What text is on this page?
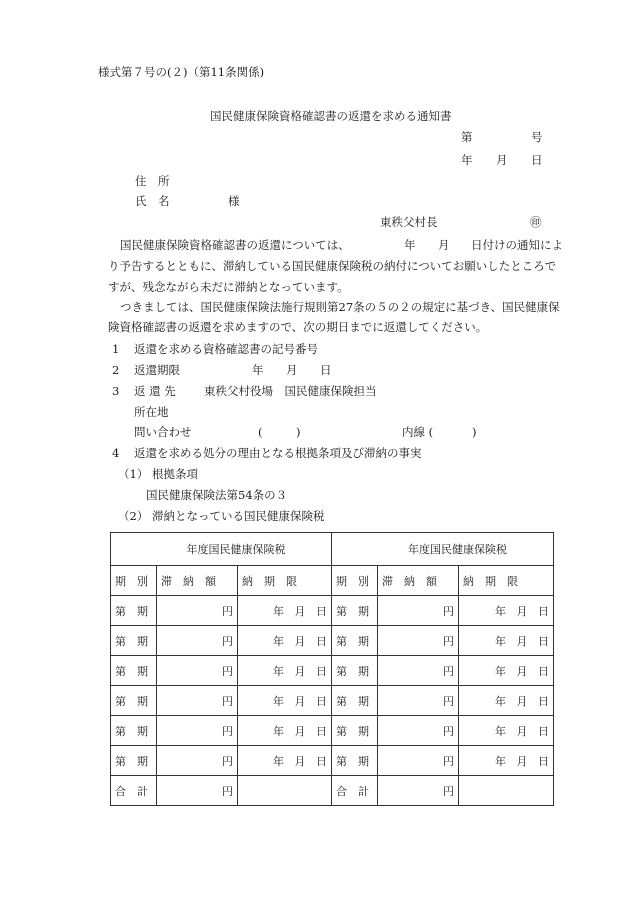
様式第７号の(２)（第11条関係)
国民健康保険資格確認書の返還を求める通知書
第	号
年 月 日
住　所
氏　名	様
東秩父村長	㊞
国民健康保険資格確認書の返還については、	年 月 日付けの通知によ
り予告するとともに、滞納している国民健康保険税の納付についてお願いしたところで
すが、残念ながら未だに滞納となっています。
つきましては、国民健康保険法施行規則第27条の５の２の規定に基づき、国民健康保
険資格確認書の返還を求めますので、次の期日までに返還してください。
1 返還を求める資格確認書の記号番号
2 返還期限	年 月 日
3 返 還 先 東秩父村役場　国民健康保険担当
所在地
問い合わせ	(	)	内線 (	)
4 返還を求める処分の理由となる根拠条項及び滞納の事実
（1） 根拠条項
国民健康保険法第54条の３
（2） 滞納となっている国民健康保険税
年度国民健康保険税			年度国民健康保険税		
期　別	滞　納　額	納　期　限	期　別	滞　納　額	納　期　限
第　期	円	年 月 日	第　期	円	年 月 日
第　期	円	年 月 日	第　期	円	年 月 日
第　期	円	年 月 日	第　期	円	年 月 日
第　期	円	年 月 日	第　期	円	年 月 日
第　期	円	年 月 日	第　期	円	年 月 日
第　期	円	年 月 日	第　期	円	年 月 日
合　計	円		合　計	円	
